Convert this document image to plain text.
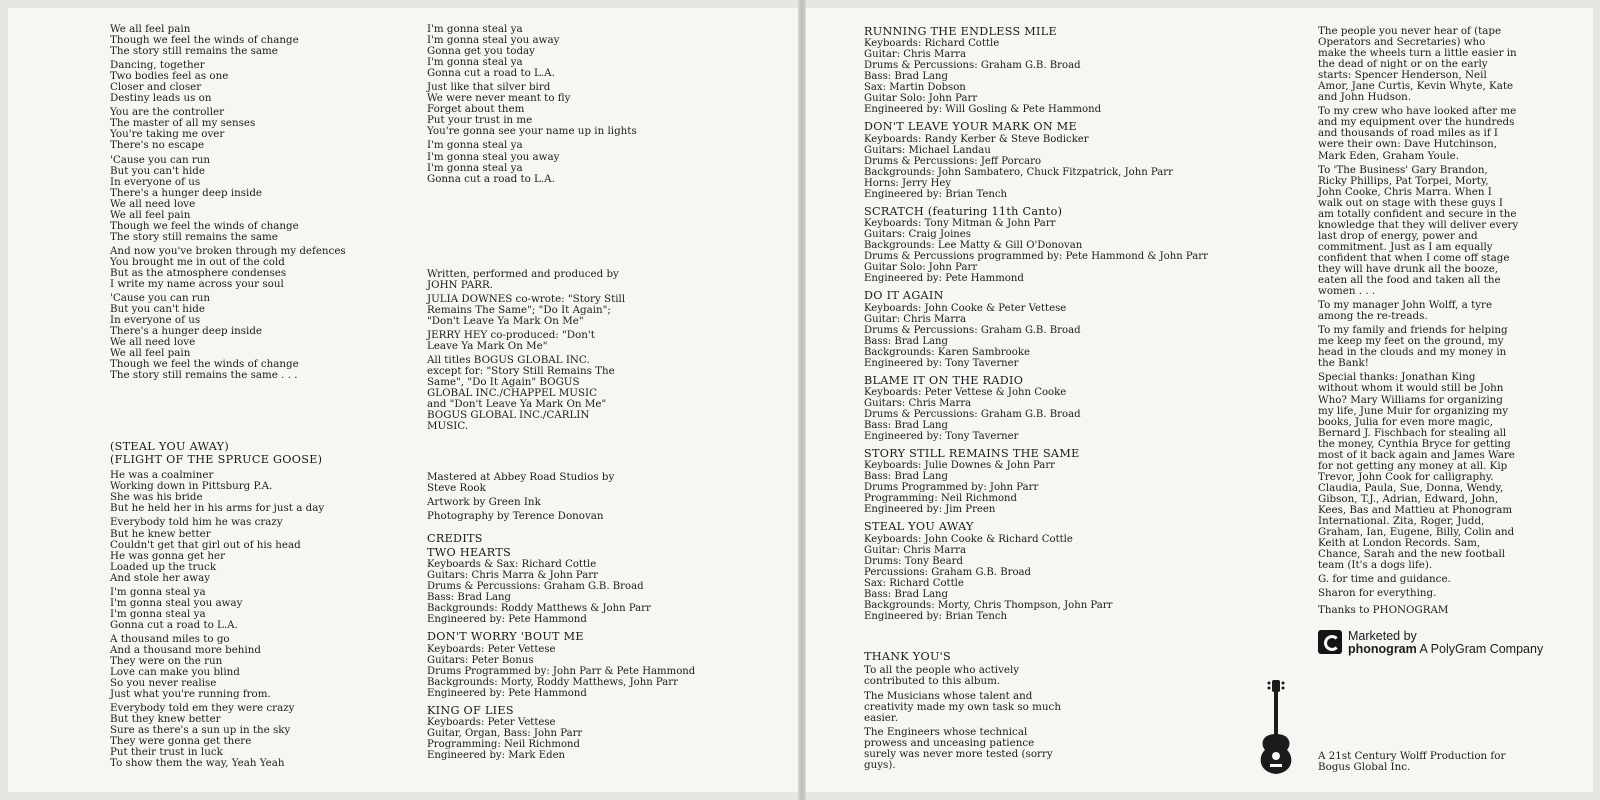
We all feel pain
Though we feel the winds of change
The story still remains the same

Dancing, together
Two bodies feel as one
Closer and closer
Destiny leads us on

You are the controller
The master of all my senses
You're taking me over
There's no escape

'Cause you can run
But you can't hide
In everyone of us
There's a hunger deep inside
We all need love
We all feel pain
Though we feel the winds of change
The story still remains the same

And now you've broken through my defences
You brought me in out of the cold
But as the atmosphere condenses
I write my name across your soul

'Cause you can run
But you can't hide
In everyone of us
There's a hunger deep inside
We all need love
We all feel pain
Though we feel the winds of change
The story still remains the same . . .

(STEAL YOU AWAY)
(FLIGHT OF THE SPRUCE GOOSE)

He was a coalminer
Working down in Pittsburg P.A.
She was his bride
But he held her in his arms for just a day

Everybody told him he was crazy
But he knew better
Couldn't get that girl out of his head
He was gonna get her
Loaded up the truck
And stole her away

I'm gonna steal ya
I'm gonna steal you away
I'm gonna steal ya
Gonna cut a road to L.A.

A thousand miles to go
And a thousand more behind
They were on the run
Love can make you blind
So you never realise
Just what you're running from.

Everybody told em they were crazy
But they knew better
Sure as there's a sun up in the sky
They were gonna get there
Put their trust in luck
To show them the way, Yeah Yeah

I'm gonna steal ya
I'm gonna steal you away
Gonna get you today
I'm gonna steal ya
Gonna cut a road to L.A.

Just like that silver bird
We were never meant to fly
Forget about them
Put your trust in me
You're gonna see your name up in lights

I'm gonna steal ya
I'm gonna steal you away
I'm gonna steal ya
Gonna cut a road to L.A.

Written, performed and produced by
JOHN PARR.

JULIA DOWNES co-wrote: "Story Still
Remains The Same"; "Do It Again";
"Don't Leave Ya Mark On Me"

JERRY HEY co-produced: "Don't
Leave Ya Mark On Me"

All titles BOGUS GLOBAL INC.
except for: "Story Still Remains The
Same", "Do It Again" BOGUS
GLOBAL INC./CHAPPEL MUSIC
and "Don't Leave Ya Mark On Me"
BOGUS GLOBAL INC./CARLIN
MUSIC.

Mastered at Abbey Road Studios by
Steve Rook

Artwork by Green Ink

Photography by Terence Donovan

CREDITS

TWO HEARTS

Keyboards & Sax: Richard Cottle
Guitars: Chris Marra & John Parr
Drums & Percussions: Graham G.B. Broad
Bass: Brad Lang
Backgrounds: Roddy Matthews & John Parr
Engineered by: Pete Hammond

DON'T WORRY 'BOUT ME

Keyboards: Peter Vettese
Guitars: Peter Bonus
Drums Programmed by: John Parr & Pete Hammond
Backgrounds: Morty, Roddy Matthews, John Parr
Engineered by: Pete Hammond

KING OF LIES

Keyboards: Peter Vettese
Guitar, Organ, Bass: John Parr
Programming: Neil Richmond
Engineered by: Mark Eden

RUNNING THE ENDLESS MILE

Keyboards: Richard Cottle
Guitar: Chris Marra
Drums & Percussions: Graham G.B. Broad
Bass: Brad Lang
Sax: Martin Dobson
Guitar Solo: John Parr
Engineered by: Will Gosling & Pete Hammond

DON'T LEAVE YOUR MARK ON ME

Keyboards: Randy Kerber & Steve Bodicker
Guitars: Michael Landau
Drums & Percussions: Jeff Porcaro
Backgrounds: John Sambatero, Chuck Fitzpatrick, John Parr
Horns: Jerry Hey
Engineered by: Brian Tench

SCRATCH (featuring 11th Canto)

Keyboards: Tony Mitman & John Parr
Guitars: Craig Joines
Backgrounds: Lee Matty & Gill O'Donovan
Drums & Percussions programmed by: Pete Hammond & John Parr
Guitar Solo: John Parr
Engineered by: Pete Hammond

DO IT AGAIN

Keyboards: John Cooke & Peter Vettese
Guitar: Chris Marra
Drums & Percussions: Graham G.B. Broad
Bass: Brad Lang
Backgrounds: Karen Sambrooke
Engineered by: Tony Taverner

BLAME IT ON THE RADIO

Keyboards: Peter Vettese & John Cooke
Guitars: Chris Marra
Drums & Percussions: Graham G.B. Broad
Bass: Brad Lang
Engineered by: Tony Taverner

STORY STILL REMAINS THE SAME

Keyboards: Julie Downes & John Parr
Bass: Brad Lang
Drums Programmed by: John Parr
Programming: Neil Richmond
Engineered by: Jim Preen

STEAL YOU AWAY

Keyboards: John Cooke & Richard Cottle
Guitar: Chris Marra
Drums: Tony Beard
Percussions: Graham G.B. Broad
Sax: Richard Cottle
Bass: Brad Lang
Backgrounds: Morty, Chris Thompson, John Parr
Engineered by: Brian Tench

THANK YOU'S

To all the people who actively
contributed to this album.

The Musicians whose talent and
creativity made my own task so much
easier.

The Engineers whose technical
prowess and unceasing patience
surely was never more tested (sorry
guys).

The people you never hear of (tape
Operators and Secretaries) who
make the wheels turn a little easier in
the dead of night or on the early
starts: Spencer Henderson, Neil
Amor, Jane Curtis, Kevin Whyte, Kate
and John Hudson.

To my crew who have looked after me
and my equipment over the hundreds
and thousands of road miles as if I
were their own: Dave Hutchinson,
Mark Eden, Graham Youle.

To 'The Business' Gary Brandon,
Ricky Phillips, Pat Torpei, Morty,
John Cooke, Chris Marra. When I
walk out on stage with these guys I
am totally confident and secure in the
knowledge that they will deliver every
last drop of energy, power and
commitment. Just as I am equally
confident that when I come off stage
they will have drunk all the booze,
eaten all the food and taken all the
women . . .

To my manager John Wolff, a tyre
among the re-treads.

To my family and friends for helping
me keep my feet on the ground, my
head in the clouds and my money in
the Bank!

Special thanks: Jonathan King
without whom it would still be John
Who? Mary Williams for organizing
my life, June Muir for organizing my
books, Julia for even more magic,
Bernard J. Fischbach for stealing all
the money, Cynthia Bryce for getting
most of it back again and James Ware
for not getting any money at all. Kip
Trevor, John Cook for calligraphy.
Claudia, Paula, Sue, Donna, Wendy,
Gibson, T.J., Adrian, Edward, John,
Kees, Bas and Mattieu at Phonogram
International. Zita, Roger, Judd,
Graham, Ian, Eugene, Billy, Colin and
Keith at London Records. Sam,
Chance, Sarah and the new football
team (It's a dogs life).

G. for time and guidance.

Sharon for everything.

Thanks to PHONOGRAM

Marketed by
phonogram A PolyGram Company

A 21st Century Wolff Production for
Bogus Global Inc.
